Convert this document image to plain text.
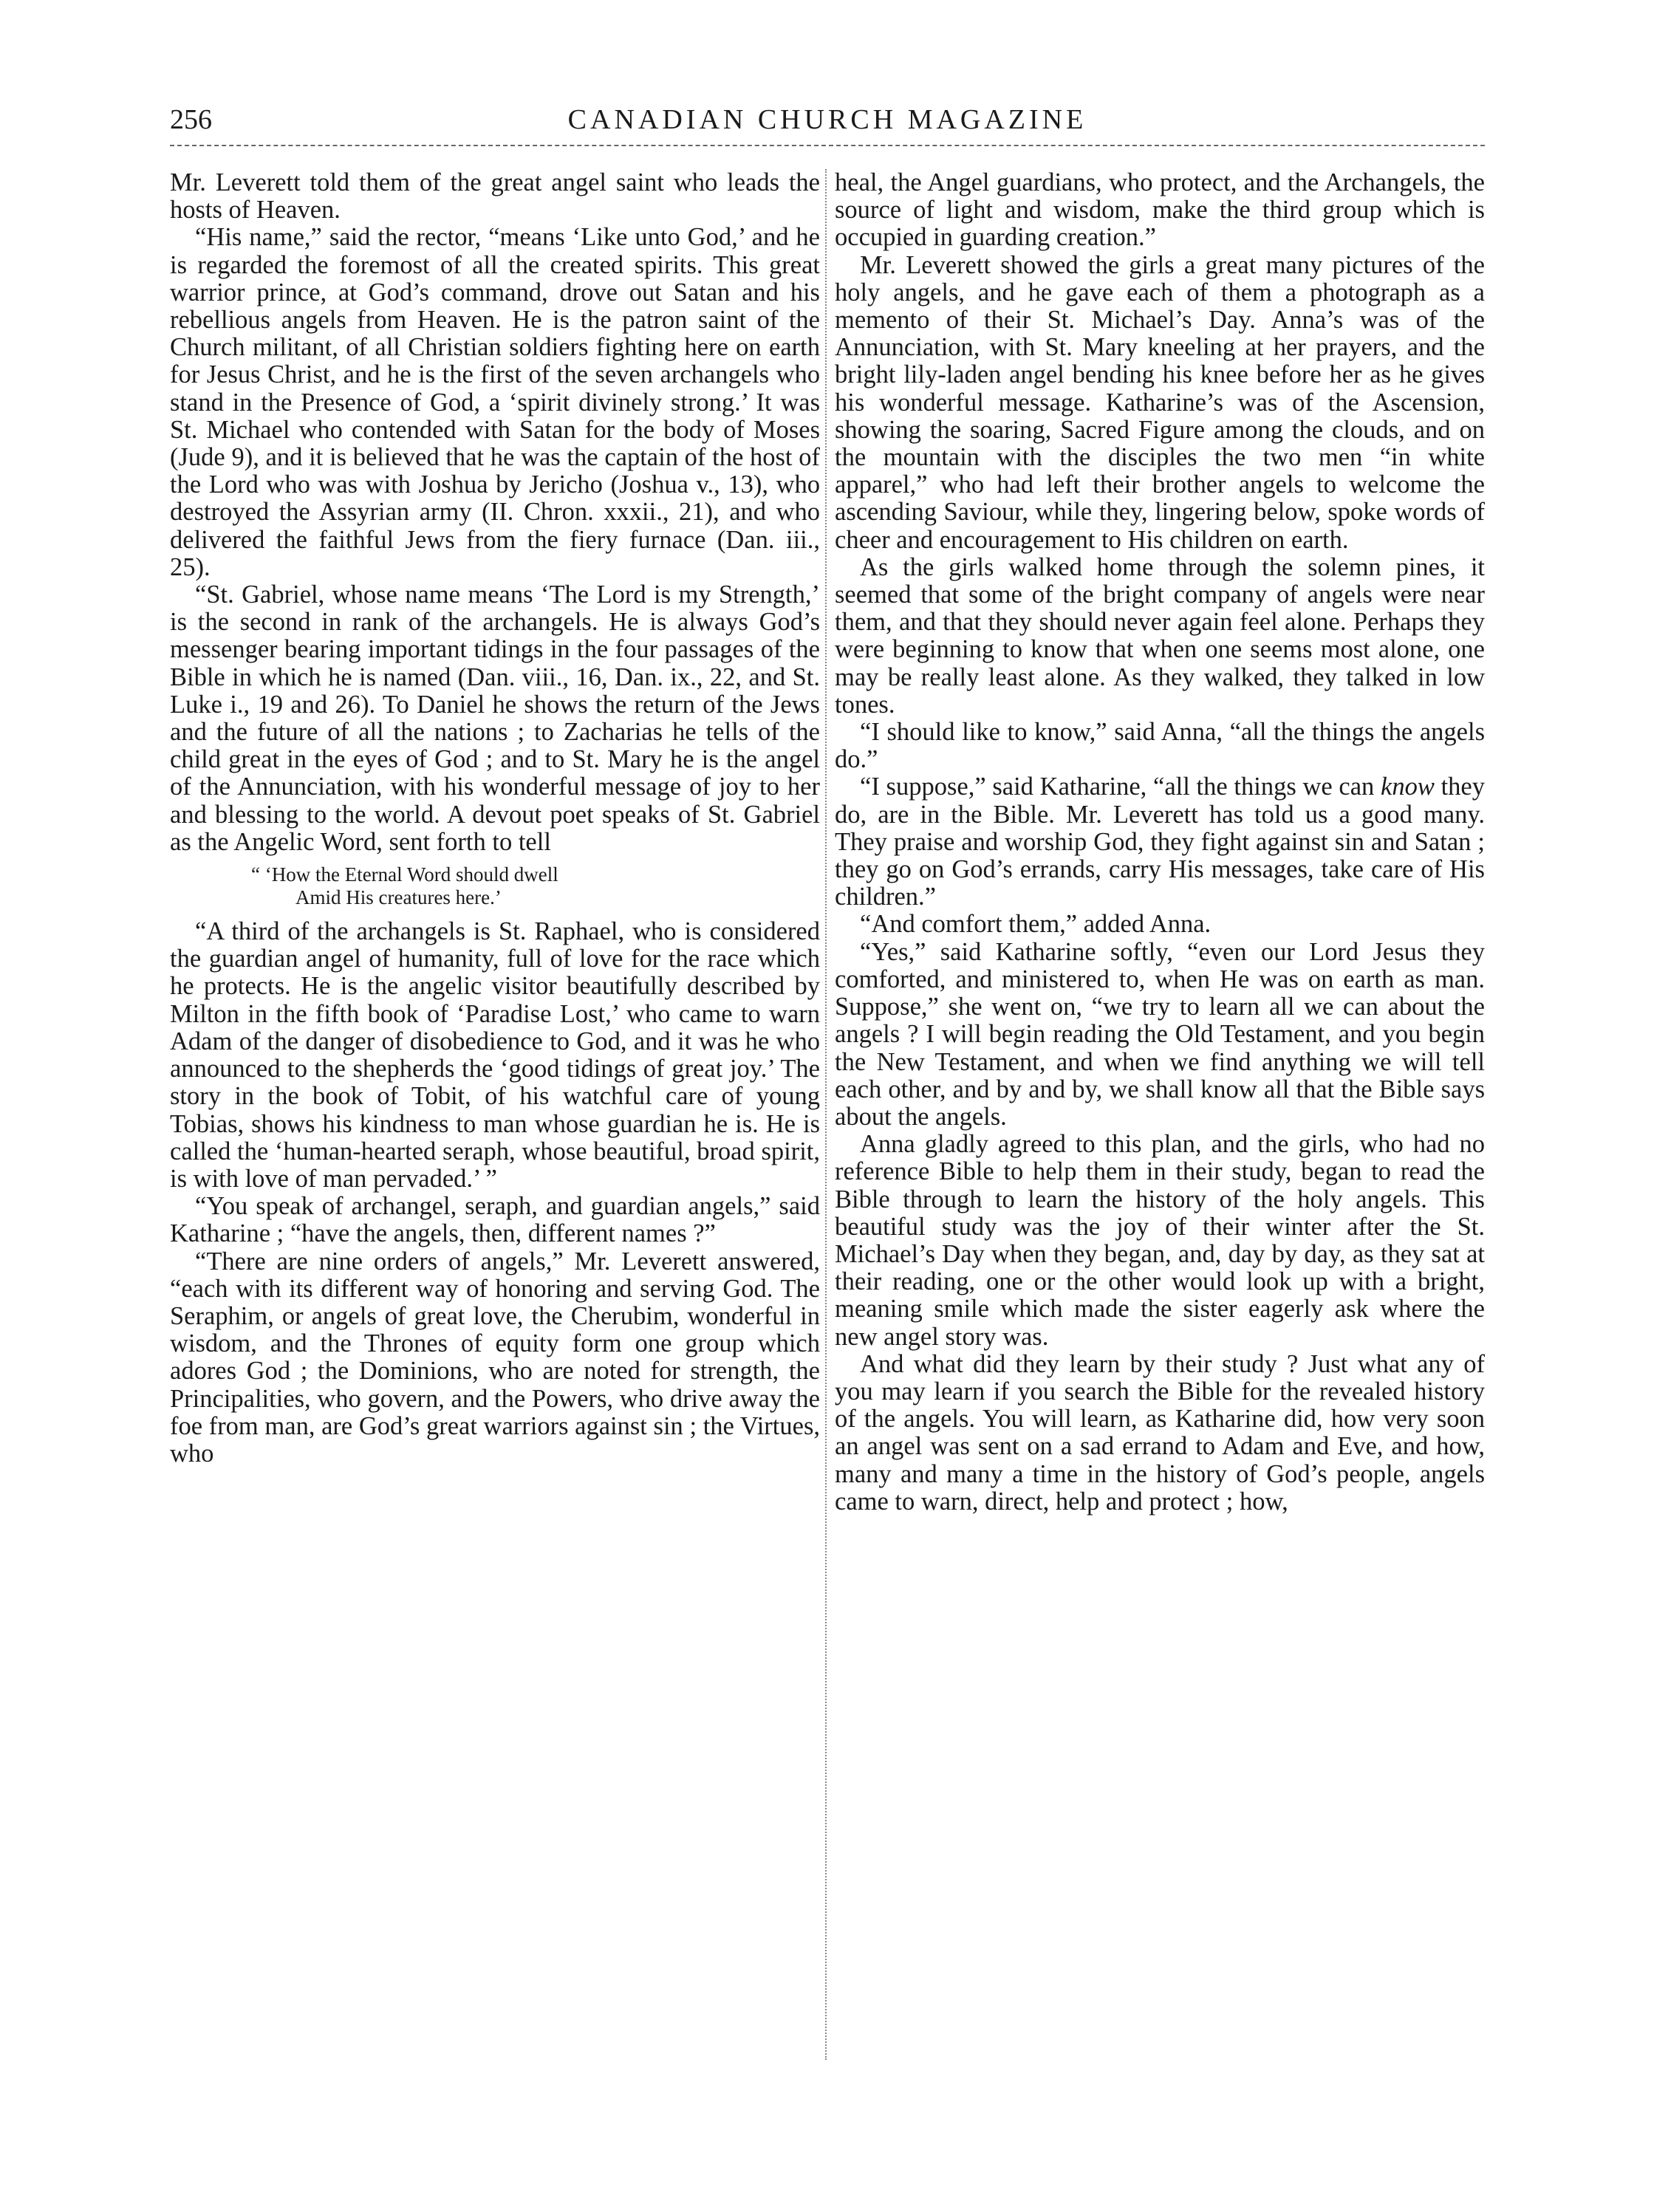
256	CANADIAN CHURCH MAGAZINE

Mr. Leverett told them of the great angel saint who leads the hosts of Heaven.

“His name,” said the rector, “means ‘Like unto God,’ and he is regarded the foremost of all the created spirits. This great warrior prince, at God’s command, drove out Satan and his rebellious angels from Heaven. He is the patron saint of the Church militant, of all Christian soldiers fighting here on earth for Jesus Christ, and he is the first of the seven archangels who stand in the Presence of God, a ‘spirit divinely strong.’ It was St. Michael who contended with Satan for the body of Moses (Jude 9), and it is believed that he was the captain of the host of the Lord who was with Joshua by Jericho (Joshua v., 13), who destroyed the Assyrian army (II. Chron. xxxii., 21), and who delivered the faithful Jews from the fiery furnace (Dan. iii., 25).

“St. Gabriel, whose name means ‘The Lord is my Strength,’ is the second in rank of the archangels. He is always God’s messenger bearing important tidings in the four passages of the Bible in which he is named (Dan. viii., 16, Dan. ix., 22, and St. Luke i., 19 and 26). To Daniel he shows the return of the Jews and the future of all the nations ; to Zacharias he tells of the child great in the eyes of God ; and to St. Mary he is the angel of the Annunciation, with his wonderful message of joy to her and blessing to the world. A devout poet speaks of St. Gabriel as the Angelic Word, sent forth to tell

“ ‘How the Eternal Word should dwell
Amid His creatures here.’

“A third of the archangels is St. Raphael, who is considered the guardian angel of humanity, full of love for the race which he protects. He is the angelic visitor beautifully described by Milton in the fifth book of ‘Paradise Lost,’ who came to warn Adam of the danger of disobedience to God, and it was he who announced to the shepherds the ‘good tidings of great joy.’ The story in the book of Tobit, of his watchful care of young Tobias, shows his kindness to man whose guardian he is. He is called the ‘human-hearted seraph, whose beautiful, broad spirit, is with love of man pervaded.’ ”

“You speak of archangel, seraph, and guardian angels,” said Katharine ; “have the angels, then, different names ?”

“There are nine orders of angels,” Mr. Leverett answered, “each with its different way of honoring and serving God. The Seraphim, or angels of great love, the Cherubim, wonderful in wisdom, and the Thrones of equity form one group which adores God ; the Dominions, who are noted for strength, the Principalities, who govern, and the Powers, who drive away the foe from man, are God’s great warriors against sin ; the Virtues, who

heal, the Angel guardians, who protect, and the Archangels, the source of light and wisdom, make the third group which is occupied in guarding creation.”

Mr. Leverett showed the girls a great many pictures of the holy angels, and he gave each of them a photograph as a memento of their St. Michael’s Day. Anna’s was of the Annunciation, with St. Mary kneeling at her prayers, and the bright lily-laden angel bending his knee before her as he gives his wonderful message. Katharine’s was of the Ascension, showing the soaring, Sacred Figure among the clouds, and on the mountain with the disciples the two men “in white apparel,” who had left their brother angels to welcome the ascending Saviour, while they, lingering below, spoke words of cheer and encouragement to His children on earth.

As the girls walked home through the solemn pines, it seemed that some of the bright company of angels were near them, and that they should never again feel alone. Perhaps they were beginning to know that when one seems most alone, one may be really least alone. As they walked, they talked in low tones.

“I should like to know,” said Anna, “all the things the angels do.”

“I suppose,” said Katharine, “all the things we can know they do, are in the Bible. Mr. Leverett has told us a good many. They praise and worship God, they fight against sin and Satan ; they go on God’s errands, carry His messages, take care of His children.”

“And comfort them,” added Anna.

“Yes,” said Katharine softly, “even our Lord Jesus they comforted, and ministered to, when He was on earth as man. Suppose,” she went on, “we try to learn all we can about the angels ? I will begin reading the Old Testament, and you begin the New Testament, and when we find anything we will tell each other, and by and by, we shall know all that the Bible says about the angels.

Anna gladly agreed to this plan, and the girls, who had no reference Bible to help them in their study, began to read the Bible through to learn the history of the holy angels. This beautiful study was the joy of their winter after the St. Michael’s Day when they began, and, day by day, as they sat at their reading, one or the other would look up with a bright, meaning smile which made the sister eagerly ask where the new angel story was.

And what did they learn by their study ? Just what any of you may learn if you search the Bible for the revealed history of the angels. You will learn, as Katharine did, how very soon an angel was sent on a sad errand to Adam and Eve, and how, many and many a time in the history of God’s people, angels came to warn, direct, help and protect ; how,
